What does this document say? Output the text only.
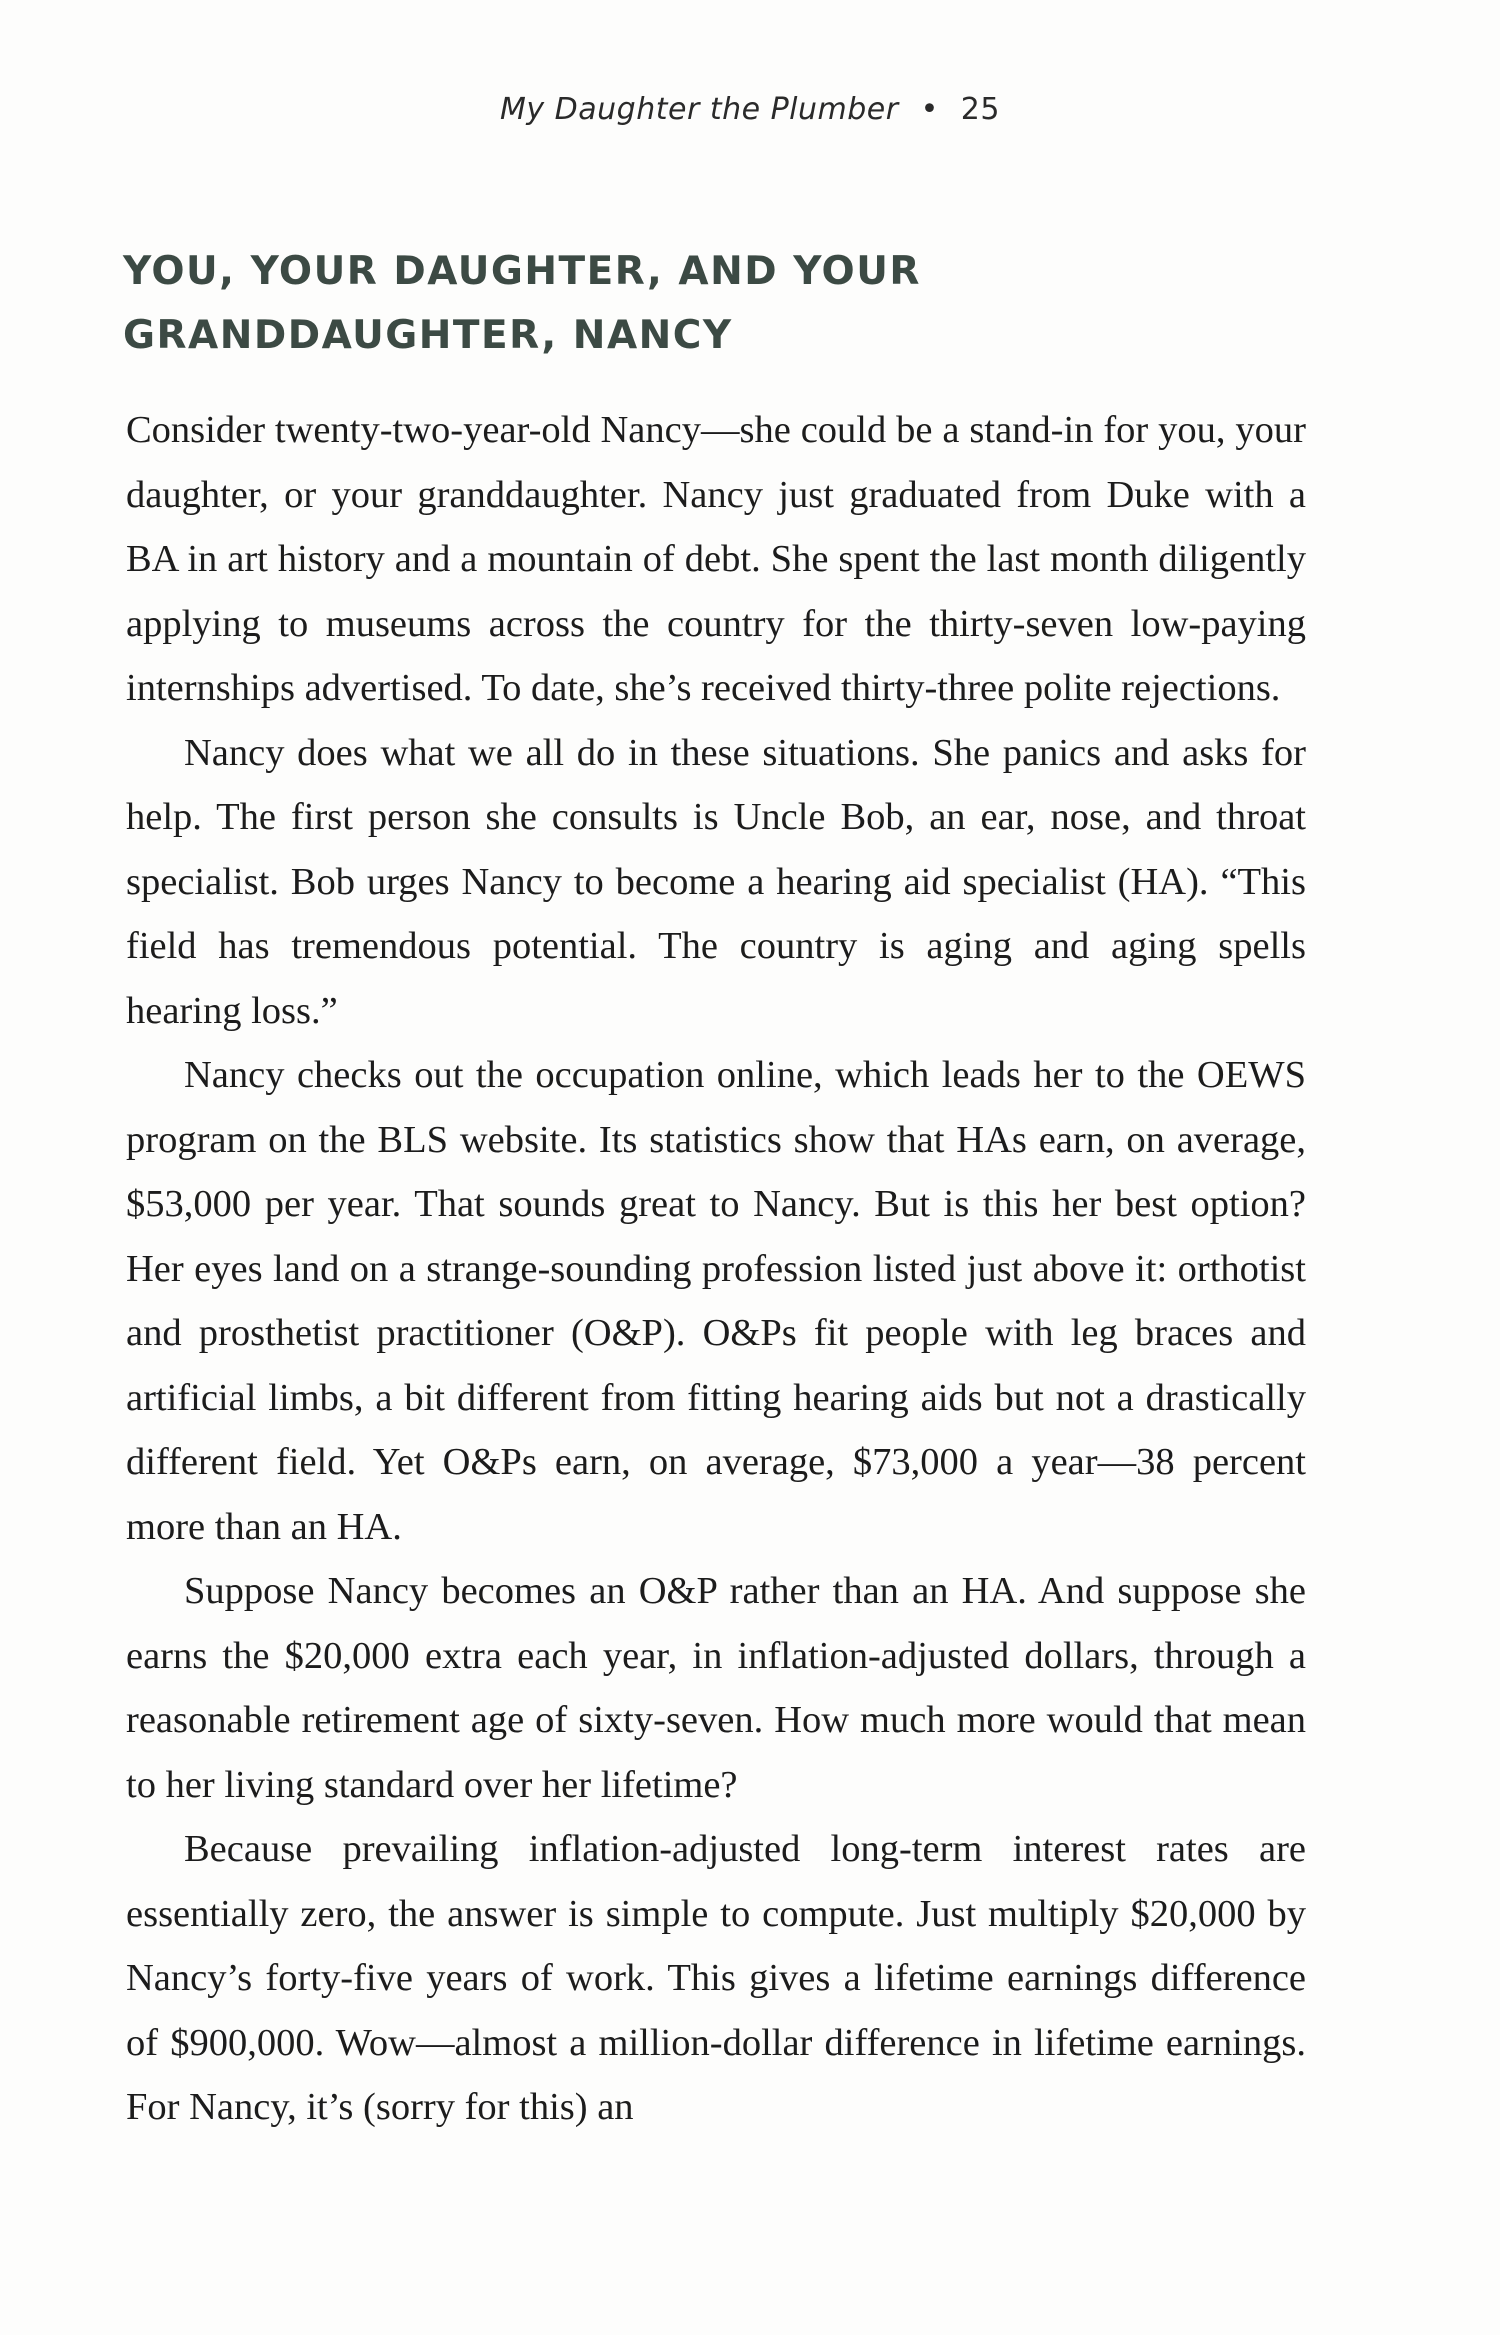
My Daughter the Plumber • 25
YOU, YOUR DAUGHTER, AND YOUR GRANDDAUGHTER, NANCY

Consider twenty-two-year-old Nancy—she could be a stand-in for you, your daughter, or your granddaughter. Nancy just graduated from Duke with a BA in art history and a mountain of debt. She spent the last month diligently applying to museums across the country for the thirty-seven low-paying internships advertised. To date, she’s received thirty-three polite rejections.

Nancy does what we all do in these situations. She panics and asks for help. The first person she consults is Uncle Bob, an ear, nose, and throat specialist. Bob urges Nancy to become a hearing aid specialist (HA). “This field has tremendous potential. The country is aging and aging spells hearing loss.”

Nancy checks out the occupation online, which leads her to the OEWS program on the BLS website. Its statistics show that HAs earn, on average, $53,000 per year. That sounds great to Nancy. But is this her best option? Her eyes land on a strange-sounding profession listed just above it: orthotist and prosthetist practitioner (O&P). O&Ps fit people with leg braces and artificial limbs, a bit different from fitting hearing aids but not a drastically different field. Yet O&Ps earn, on average, $73,000 a year—38 percent more than an HA.

Suppose Nancy becomes an O&P rather than an HA. And suppose she earns the $20,000 extra each year, in inflation-adjusted dollars, through a reasonable retirement age of sixty-seven. How much more would that mean to her living standard over her lifetime?

Because prevailing inflation-adjusted long-term interest rates are essentially zero, the answer is simple to compute. Just multiply $20,000 by Nancy’s forty-five years of work. This gives a lifetime earnings difference of $900,000. Wow—almost a million-dollar difference in lifetime earnings. For Nancy, it’s (sorry for this) an
